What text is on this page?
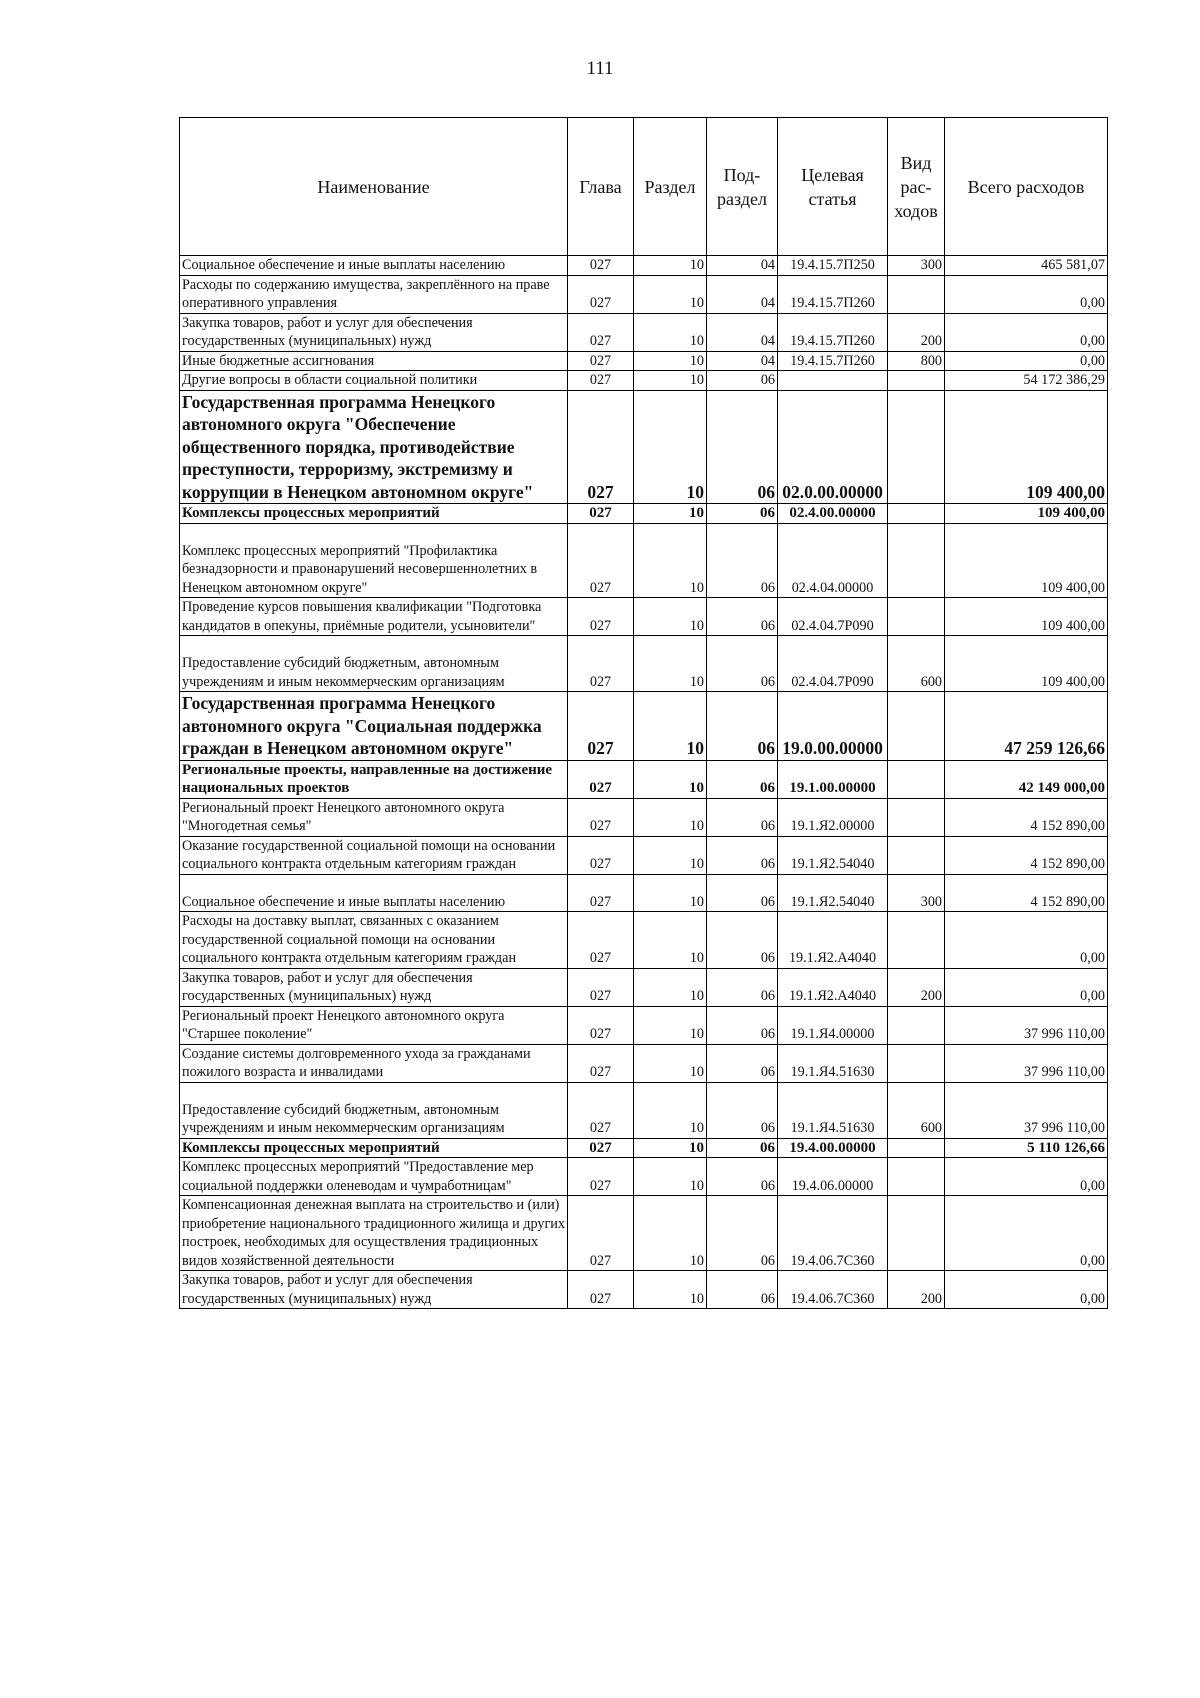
111
Наименование	Глава	Раздел	Под-раздел	Целевая статья	Вид рас-ходов	Всего расходов
Социальное обеспечение и иные выплаты населению	027	10	04	19.4.15.7П250	300	465 581,07
Расходы по содержанию имущества, закреплённого на праве оперативного управления	027	10	04	19.4.15.7П260		0,00
Закупка товаров, работ и услуг для обеспечения государственных (муниципальных) нужд	027	10	04	19.4.15.7П260	200	0,00
Иные бюджетные ассигнования	027	10	04	19.4.15.7П260	800	0,00
Другие вопросы в области социальной политики	027	10	06			54 172 386,29
Государственная программа Ненецкого автономного округа "Обеспечение общественного порядка, противодействие преступности, терроризму, экстремизму и коррупции в Ненецком автономном округе"	027	10	06	02.0.00.00000		109 400,00
Комплексы процессных мероприятий	027	10	06	02.4.00.00000		109 400,00
Комплекс процессных мероприятий "Профилактика безнадзорности и правонарушений несовершеннолетних в Ненецком автономном округе"	027	10	06	02.4.04.00000		109 400,00
Проведение курсов повышения квалификации "Подготовка кандидатов в опекуны, приёмные родители, усыновители"	027	10	06	02.4.04.7Р090		109 400,00
Предоставление субсидий бюджетным, автономным учреждениям и иным некоммерческим организациям	027	10	06	02.4.04.7Р090	600	109 400,00
Государственная программа Ненецкого автономного округа "Социальная поддержка граждан в Ненецком автономном округе"	027	10	06	19.0.00.00000		47 259 126,66
Региональные проекты, направленные на достижение национальных проектов	027	10	06	19.1.00.00000		42 149 000,00
Региональный проект Ненецкого автономного округа "Многодетная семья"	027	10	06	19.1.Я2.00000		4 152 890,00
Оказание государственной социальной помощи на основании социального контракта отдельным категориям граждан	027	10	06	19.1.Я2.54040		4 152 890,00
Социальное обеспечение и иные выплаты населению	027	10	06	19.1.Я2.54040	300	4 152 890,00
Расходы на доставку выплат, связанных с оказанием государственной социальной помощи на основании социального контракта отдельным категориям граждан	027	10	06	19.1.Я2.А4040		0,00
Закупка товаров, работ и услуг для обеспечения государственных (муниципальных) нужд	027	10	06	19.1.Я2.А4040	200	0,00
Региональный проект Ненецкого автономного округа "Старшее поколение"	027	10	06	19.1.Я4.00000		37 996 110,00
Создание системы долговременного ухода за гражданами пожилого возраста и инвалидами	027	10	06	19.1.Я4.51630		37 996 110,00
Предоставление субсидий бюджетным, автономным учреждениям и иным некоммерческим организациям	027	10	06	19.1.Я4.51630	600	37 996 110,00
Комплексы процессных мероприятий	027	10	06	19.4.00.00000		5 110 126,66
Комплекс процессных мероприятий "Предоставление мер социальной поддержки оленеводам и чумработницам"	027	10	06	19.4.06.00000		0,00
Компенсационная денежная выплата на строительство и (или) приобретение национального традиционного жилища и других построек, необходимых для осуществления традиционных видов хозяйственной деятельности	027	10	06	19.4.06.7С360		0,00
Закупка товаров, работ и услуг для обеспечения государственных (муниципальных) нужд	027	10	06	19.4.06.7С360	200	0,00
